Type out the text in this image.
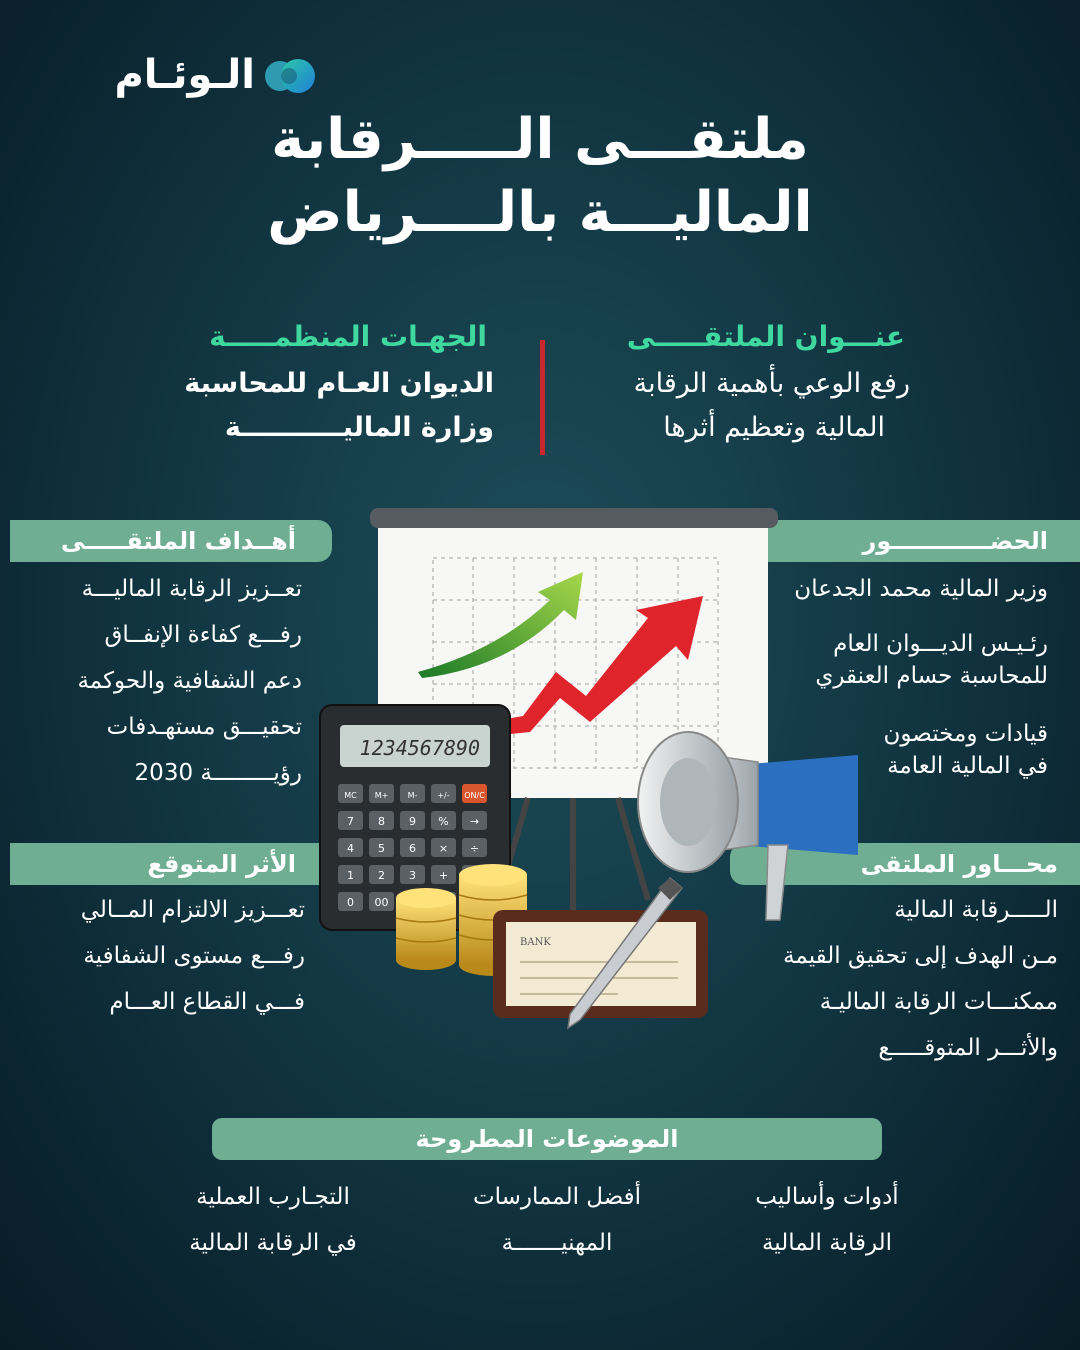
الـوئـام
ملتقـــى الـــــرقابة
الماليـــة بالــــرياض
عنـــوان الملتقـــــى
رفع الوعي بأهمية الرقابة
المالية وتعظيم أثرها
الجهـات المنظمـــــة
الديوان العـام للمحاسبة
وزارة الماليـــــــــــة
الحضــــــــــــور
وزير المالية محمد الجدعان
رئـيـس الديـــوان العام
للمحاسبة حسام العنقري
قيادات ومختصون
في المالية العامة
أهــداف الملتقـــــى
تعــزيز الرقابة الماليـــة
رفـــع كفاءة الإنفــاق
دعم الشفافية والحوكمة
تحقيـــق مستهـدفات
رؤيـــــــــة 2030
محـــاور الملتقى
الـــــرقابة المالية
مـن الهدف إلى تحقيق القيمة
ممكنـــات الرقابة الماليـة
والأثـــر المتوقـــــع
الأثر المتوقع
تعـــزيز الالتزام المــالي
رفـــع مستوى الشفافية
فـــي القطاع العـــام
1234567890
MC M+ M- +/- ON/C
7 8 9 % →
4 5 6 × ÷
1 2 3 +
0 00
BANK
الموضوعات المطروحة
أدوات وأساليب
الرقابة المالية
أفضل الممارسات
المهنيـــــــة
التجـارب العملية
في الرقابة المالية
